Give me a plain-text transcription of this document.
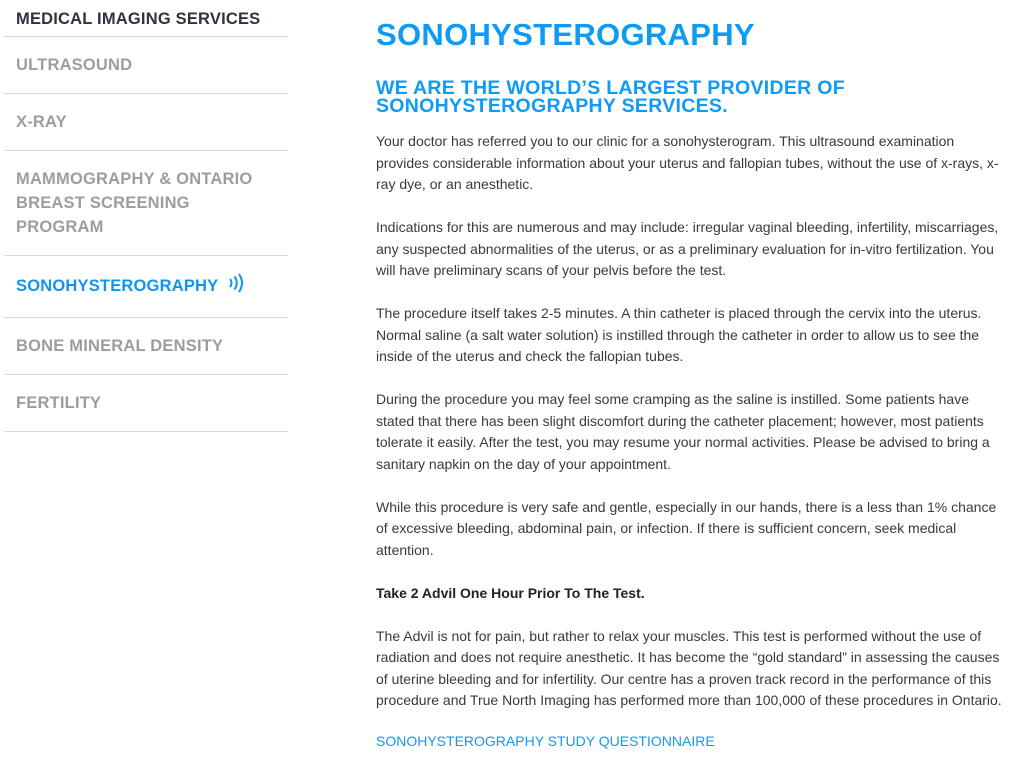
MEDICAL IMAGING SERVICES
ULTRASOUND
X-RAY
MAMMOGRAPHY & ONTARIO BREAST SCREENING PROGRAM
SONOHYSTEROGRAPHY
BONE MINERAL DENSITY
FERTILITY
SONOHYSTEROGRAPHY
WE ARE THE WORLD’S LARGEST PROVIDER OF SONOHYSTEROGRAPHY SERVICES.

Your doctor has referred you to our clinic for a sonohysterogram. This ultrasound examination provides considerable information about your uterus and fallopian tubes, without the use of x-rays, x-ray dye, or an anesthetic.

Indications for this are numerous and may include: irregular vaginal bleeding, infertility, miscarriages, any suspected abnormalities of the uterus, or as a preliminary evaluation for in-vitro fertilization. You will have preliminary scans of your pelvis before the test.

The procedure itself takes 2-5 minutes. A thin catheter is placed through the cervix into the uterus. Normal saline (a salt water solution) is instilled through the catheter in order to allow us to see the inside of the uterus and check the fallopian tubes.

During the procedure you may feel some cramping as the saline is instilled. Some patients have stated that there has been slight discomfort during the catheter placement; however, most patients tolerate it easily. After the test, you may resume your normal activities. Please be advised to bring a sanitary napkin on the day of your appointment.

While this procedure is very safe and gentle, especially in our hands, there is a less than 1% chance of excessive bleeding, abdominal pain, or infection. If there is sufficient concern, seek medical attention.

Take 2 Advil One Hour Prior To The Test.

The Advil is not for pain, but rather to relax your muscles. This test is performed without the use of radiation and does not require anesthetic. It has become the “gold standard” in assessing the causes of uterine bleeding and for infertility. Our centre has a proven track record in the performance of this procedure and True North Imaging has performed more than 100,000 of these procedures in Ontario.

SONOHYSTEROGRAPHY STUDY QUESTIONNAIRE
